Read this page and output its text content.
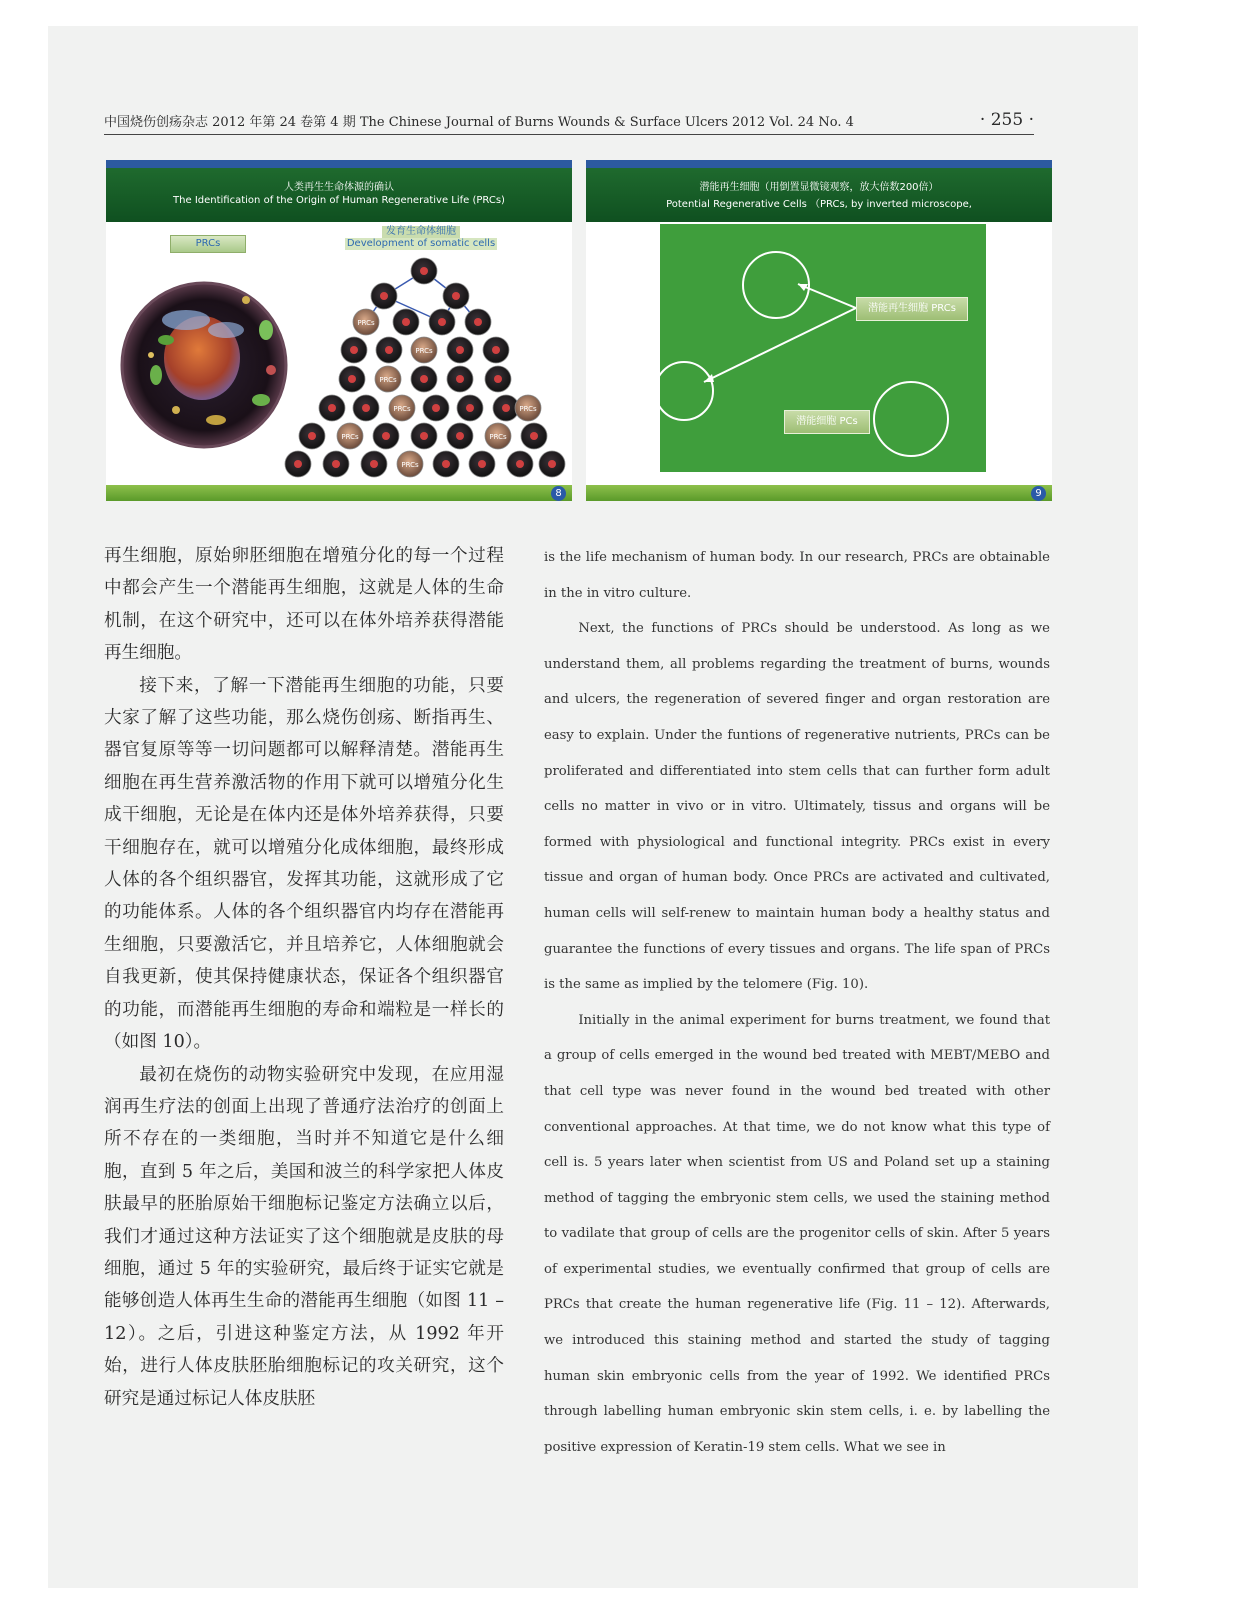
中国烧伤创疡杂志 2012 年第 24 卷第 4 期 The Chinese Journal of Burns Wounds & Surface Ulcers 2012 Vol. 24 No. 4	· 255 ·
人类再生生命体源的确认
The Identification of the Origin of Human Regenerative Life (PRCs)
PRCs
发育生命体细胞
Development of somatic cells
PRCs
PRCs
PRCs
PRCs	PRCs
PRCs	PRCs
PRCs
8
潜能再生细胞（用倒置显微镜观察，放大倍数200倍）
Potential Regenerative Cells （PRCs, by inverted microscope,
潜能再生细胞 PRCs
潜能细胞 PCs
9

再生细胞，原始卵胚细胞在增殖分化的每一个过程中都会产生一个潜能再生细胞，这就是人体的生命机制，在这个研究中，还可以在体外培养获得潜能再生细胞。

接下来，了解一下潜能再生细胞的功能，只要大家了解了这些功能，那么烧伤创疡、断指再生、器官复原等等一切问题都可以解释清楚。潜能再生细胞在再生营养激活物的作用下就可以增殖分化生成干细胞，无论是在体内还是体外培养获得，只要干细胞存在，就可以增殖分化成体细胞，最终形成人体的各个组织器官，发挥其功能，这就形成了它的功能体系。人体的各个组织器官内均存在潜能再生细胞，只要激活它，并且培养它，人体细胞就会自我更新，使其保持健康状态，保证各个组织器官的功能，而潜能再生细胞的寿命和端粒是一样长的（如图 10）。

最初在烧伤的动物实验研究中发现，在应用湿润再生疗法的创面上出现了普通疗法治疗的创面上所不存在的一类细胞，当时并不知道它是什么细胞，直到 5 年之后，美国和波兰的科学家把人体皮肤最早的胚胎原始干细胞标记鉴定方法确立以后，我们才通过这种方法证实了这个细胞就是皮肤的母细胞，通过 5 年的实验研究，最后终于证实它就是能够创造人体再生生命的潜能再生细胞（如图 11 – 12）。之后，引进这种鉴定方法，从 1992 年开始，进行人体皮肤胚胎细胞标记的攻关研究，这个研究是通过标记人体皮肤胚

is the life mechanism of human body. In our research, PRCs are obtainable in the in vitro culture.

Next, the functions of PRCs should be understood. As long as we understand them, all problems regarding the treatment of burns, wounds and ulcers, the regeneration of severed finger and organ restoration are easy to explain. Under the funtions of regenerative nutrients, PRCs can be proliferated and differentiated into stem cells that can further form adult cells no matter in vivo or in vitro. Ultimately, tissus and organs will be formed with physiological and functional integrity. PRCs exist in every tissue and organ of human body. Once PRCs are activated and cultivated, human cells will self-renew to maintain human body a healthy status and guarantee the functions of every tissues and organs. The life span of PRCs is the same as implied by the telomere (Fig. 10).

Initially in the animal experiment for burns treatment, we found that a group of cells emerged in the wound bed treated with MEBT/MEBO and that cell type was never found in the wound bed treated with other conventional approaches. At that time, we do not know what this type of cell is. 5 years later when scientist from US and Poland set up a staining method of tagging the embryonic stem cells, we used the staining method to vadilate that group of cells are the progenitor cells of skin. After 5 years of experimental studies, we eventually confirmed that group of cells are PRCs that create the human regenerative life (Fig. 11 – 12). Afterwards, we introduced this staining method and started the study of tagging human skin embryonic cells from the year of 1992. We identified PRCs through labelling human embryonic skin stem cells, i. e. by labelling the positive expression of Keratin-19 stem cells. What we see in
